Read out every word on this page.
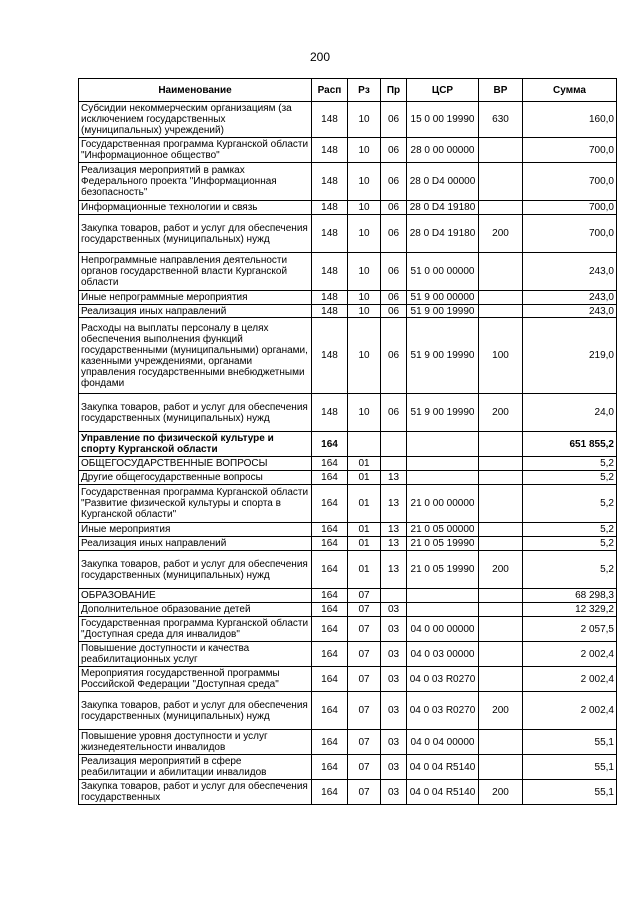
200
Наименование	Расп	Рз	Пр	ЦСР	ВР	Сумма
Субсидии некоммерческим организациям (за исключением государственных (муниципальных) учреждений)	148	10	06	15 0 00 19990	630	160,0
Государственная программа Курганской области "Информационное общество"	148	10	06	28 0 00 00000		700,0
Реализация мероприятий в рамках Федерального проекта "Информационная безопасность"	148	10	06	28 0 D4 00000		700,0
Информационные технологии и связь	148	10	06	28 0 D4 19180		700,0
Закупка товаров, работ и услуг для обеспечения государственных (муниципальных) нужд	148	10	06	28 0 D4 19180	200	700,0
Непрограммные направления деятельности органов государственной власти Курганской области	148	10	06	51 0 00 00000		243,0
Иные непрограммные мероприятия	148	10	06	51 9 00 00000		243,0
Реализация иных направлений	148	10	06	51 9 00 19990		243,0
Расходы на выплаты персоналу в целях обеспечения выполнения функций государственными (муниципальными) органами, казенными учреждениями, органами управления государственными внебюджетными фондами	148	10	06	51 9 00 19990	100	219,0
Закупка товаров, работ и услуг для обеспечения государственных (муниципальных) нужд	148	10	06	51 9 00 19990	200	24,0
Управление по физической культуре и спорту Курганской области	164					651 855,2
ОБЩЕГОСУДАРСТВЕННЫЕ ВОПРОСЫ	164	01				5,2
Другие общегосударственные вопросы	164	01	13			5,2
Государственная программа Курганской области "Развитие физической культуры и спорта в Курганской области"	164	01	13	21 0 00 00000		5,2
Иные мероприятия	164	01	13	21 0 05 00000		5,2
Реализация иных направлений	164	01	13	21 0 05 19990		5,2
Закупка товаров, работ и услуг для обеспечения государственных (муниципальных) нужд	164	01	13	21 0 05 19990	200	5,2
ОБРАЗОВАНИЕ	164	07				68 298,3
Дополнительное образование детей	164	07	03			12 329,2
Государственная программа Курганской области "Доступная среда для инвалидов"	164	07	03	04 0 00 00000		2 057,5
Повышение доступности и качества реабилитационных услуг	164	07	03	04 0 03 00000		2 002,4
Мероприятия государственной программы Российской Федерации "Доступная среда"	164	07	03	04 0 03 R0270		2 002,4
Закупка товаров, работ и услуг для обеспечения государственных (муниципальных) нужд	164	07	03	04 0 03 R0270	200	2 002,4
Повышение уровня доступности и услуг жизнедеятельности инвалидов	164	07	03	04 0 04 00000		55,1
Реализация мероприятий в сфере реабилитации и абилитации инвалидов	164	07	03	04 0 04 R5140		55,1
Закупка товаров, работ и услуг для обеспечения государственных	164	07	03	04 0 04 R5140	200	55,1
